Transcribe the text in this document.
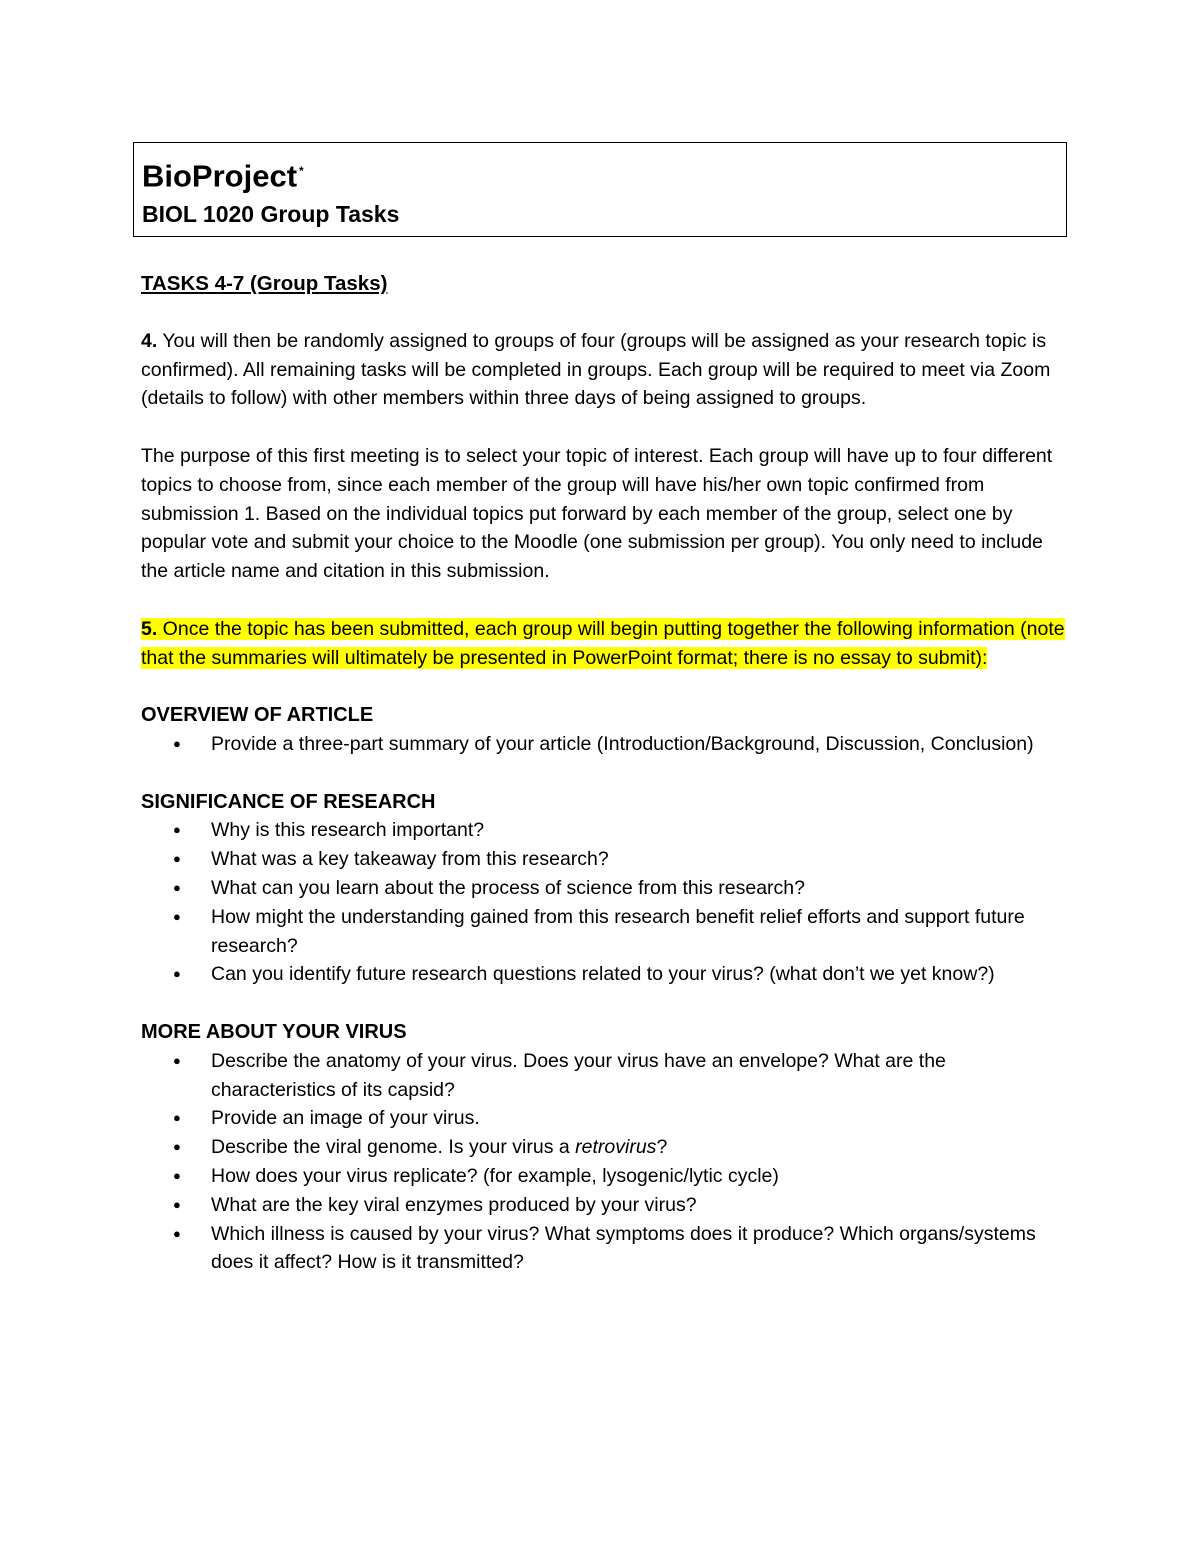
BioProject *
BIOL 1020 Group Tasks

TASKS 4-7 (Group Tasks)

4. You will then be randomly assigned to groups of four (groups will be assigned as your research topic is confirmed). All remaining tasks will be completed in groups. Each group will be required to meet via Zoom (details to follow) with other members within three days of being assigned to groups.

The purpose of this first meeting is to select your topic of interest. Each group will have up to four different topics to choose from, since each member of the group will have his/her own topic confirmed from submission 1. Based on the individual topics put forward by each member of the group, select one by popular vote and submit your choice to the Moodle (one submission per group). You only need to include the article name and citation in this submission.

5. Once the topic has been submitted, each group will begin putting together the following information (note that the summaries will ultimately be presented in PowerPoint format; there is no essay to submit):

OVERVIEW OF ARTICLE

● Provide a three-part summary of your article (Introduction/Background, Discussion, Conclusion)

SIGNIFICANCE OF RESEARCH

● Why is this research important?
● What was a key takeaway from this research?
● What can you learn about the process of science from this research?
● How might the understanding gained from this research benefit relief efforts and support future research?
● Can you identify future research questions related to your virus? (what don’t we yet know?)

MORE ABOUT YOUR VIRUS

● Describe the anatomy of your virus. Does your virus have an envelope? What are the characteristics of its capsid?
● Provide an image of your virus.
● Describe the viral genome. Is your virus a retrovirus?
● How does your virus replicate? (for example, lysogenic/lytic cycle)
● What are the key viral enzymes produced by your virus?
● Which illness is caused by your virus? What symptoms does it produce? Which organs/systems does it affect? How is it transmitted?
